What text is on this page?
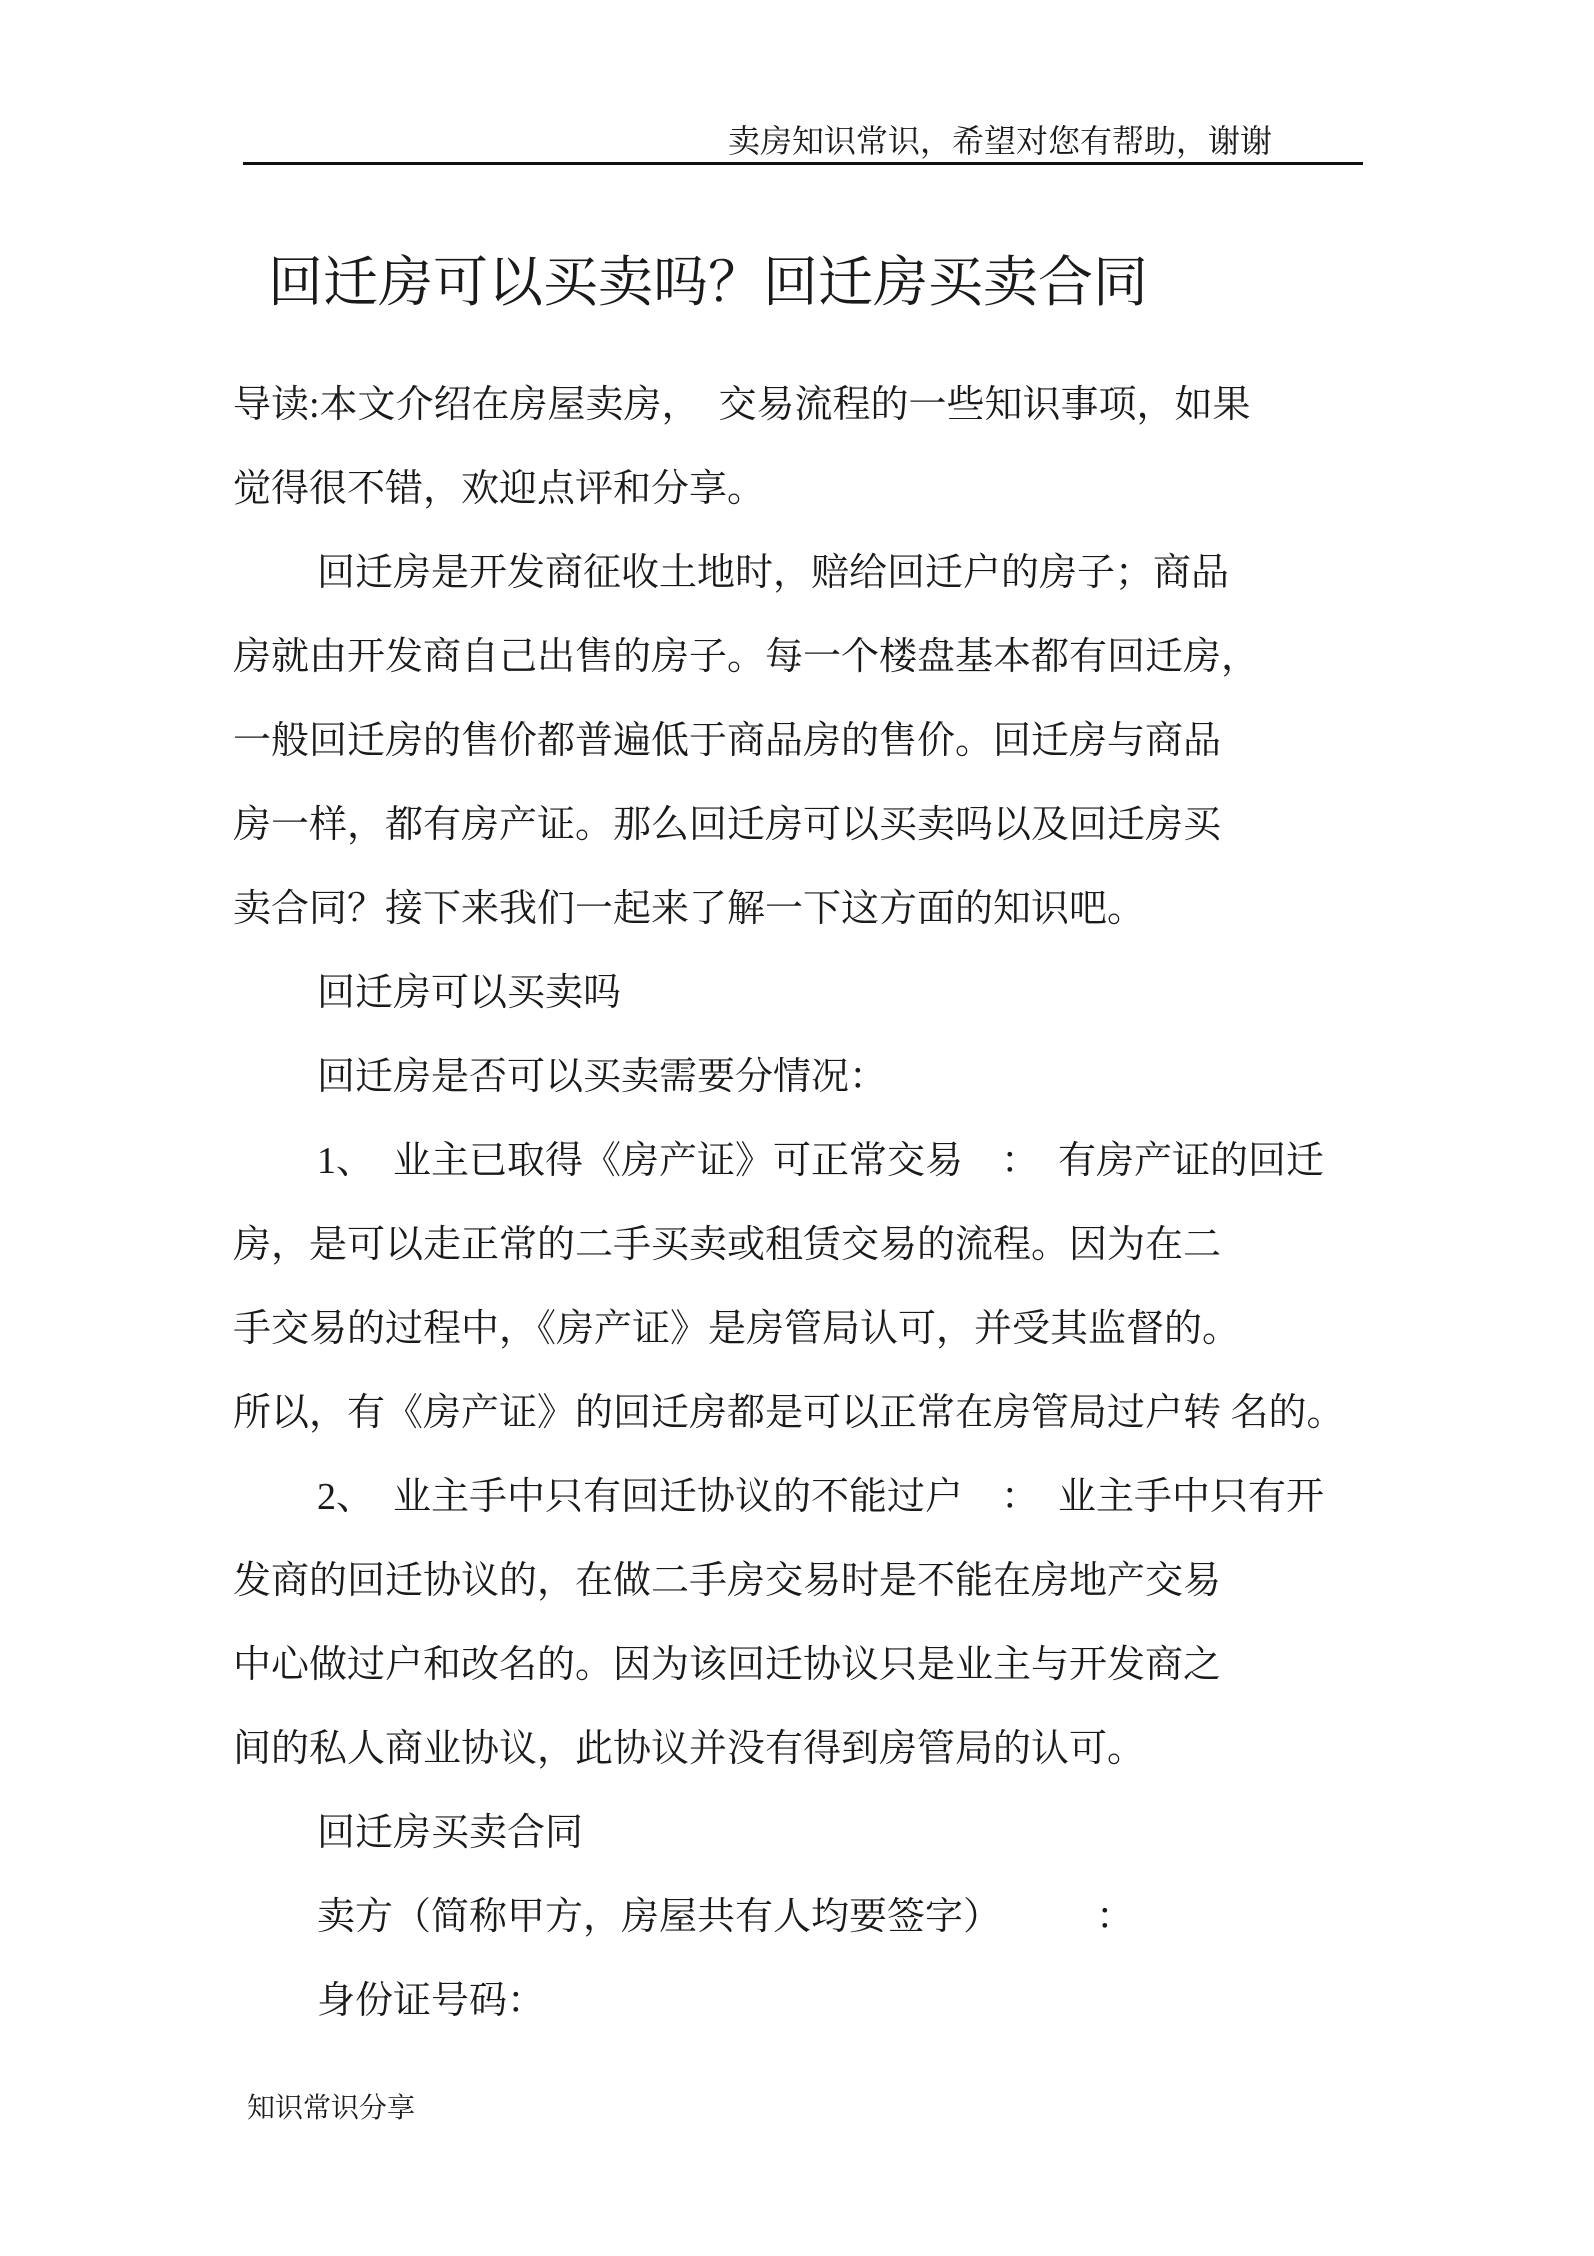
卖房知识常识，希望对您有帮助，谢谢
回迁房可以买卖吗？回迁房买卖合同
导读:本文介绍在房屋卖房，　交易流程的一些知识事项，如果
觉得很不错，欢迎点评和分享。
回迁房是开发商征收土地时，赔给回迁户的房子；商品
房就由开发商自己出售的房子。每一个楼盘基本都有回迁房，
一般回迁房的售价都普遍低于商品房的售价。回迁房与商品
房一样，都有房产证。那么回迁房可以买卖吗以及回迁房买
卖合同？接下来我们一起来了解一下这方面的知识吧。
回迁房可以买卖吗
回迁房是否可以买卖需要分情况：
1、　业主已取得《房产证》可正常交易　：　有房产证的回迁
房，是可以走正常的二手买卖或租赁交易的流程。因为在二
手交易的过程中，《房产证》是房管局认可，并受其监督的。
所以，有《房产证》的回迁房都是可以正常在房管局过户转 名的。
2、　业主手中只有回迁协议的不能过户　：　业主手中只有开
发商的回迁协议的，在做二手房交易时是不能在房地产交易
中心做过户和改名的。因为该回迁协议只是业主与开发商之
间的私人商业协议，此协议并没有得到房管局的认可。
回迁房买卖合同
卖方（简称甲方，房屋共有人均要签字）　　　：
身份证号码：
知识常识分享
